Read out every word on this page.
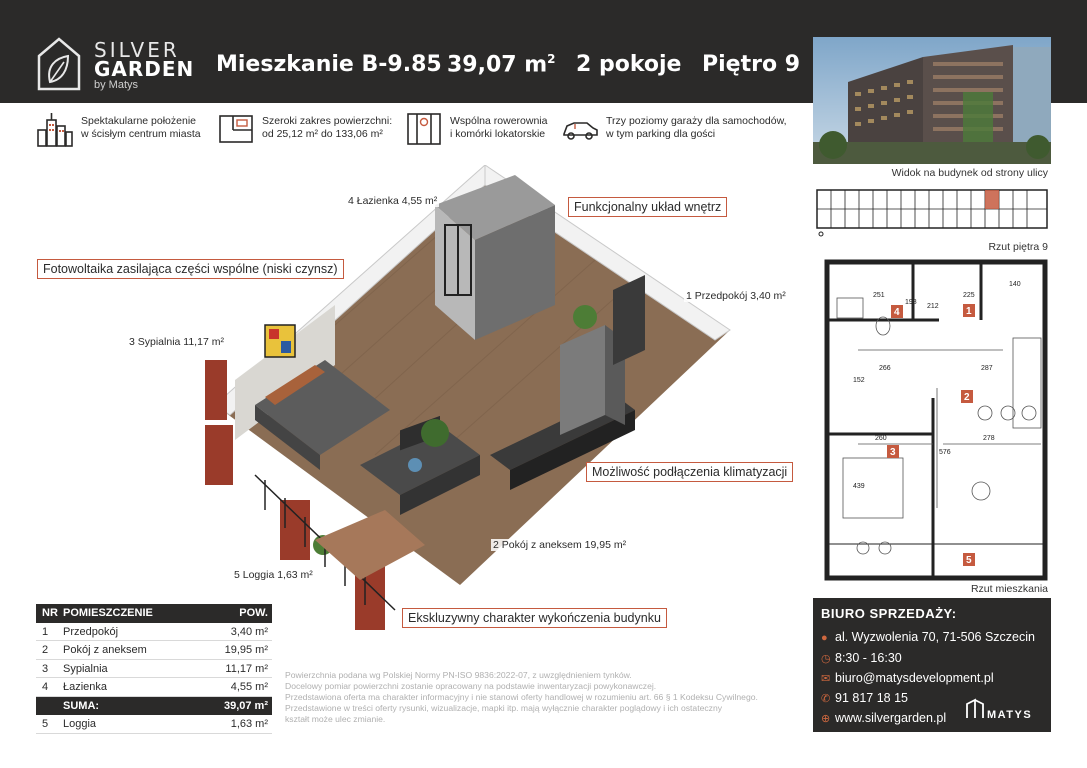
SILVER
GARDEN
by Matys
Mieszkanie B-9.85 39,07 $m^2$ 2 pokoje Piętro 9
Widok na budynek od strony ulicy
Spektakularne położenie
w ścisłym centrum miasta
Szeroki zakres powierzchni:
od 25,12 m² do 133,06 m²
Wspólna rowerownia
i komórki lokatorskie
Trzy poziomy garaży dla samochodów,
w tym parking dla gości
Rzut piętra 9
140
251	225
212
198
266	287
152
260	278
576
439
1
2
3
4
5
Rzut mieszkania
Funkcjonalny układ wnętrz
Fotowoltaika zasilająca części wspólne (niski czynsz)
Możliwość podłączenia klimatyzacji
Ekskluzywny charakter wykończenia budynku
4 Łazienka 4,55 m²
1 Przedpokój 3,40 m²
3 Sypialnia 11,17 m²
2 Pokój z aneksem 19,95 m²
5 Loggia 1,63 m²
NR POMIESZCZENIE	POW.
1	Przedpokój	3,40 m²
2	Pokój z aneksem	19,95 m²
3	Sypialnia	11,17 m²
4	Łazienka	4,55 m²
SUMA:	39,07 m²
5	Loggia	1,63 m²
Powierzchnia podana wg Polskiej Normy PN-ISO 9836:2022-07, z uwzględnieniem tynków.
Docelowy pomiar powierzchni zostanie opracowany na podstawie inwentaryzacji powykonawczej.
Przedstawiona oferta ma charakter informacyjny i nie stanowi oferty handlowej w rozumieniu art. 66 § 1 Kodeksu Cywilnego.
Przedstawione w treści oferty rysunki, wizualizacje, mapki itp. mają wyłącznie charakter poglądowy i ich ostateczny
kształt może ulec zmianie.
BIURO SPRZEDAŻY:
● al. Wyzwolenia 70, 71-506 Szczecin
◷ 8:30 - 16:30
✉ biuro@matysdevelopment.pl
✆ 91 817 18 15
⊕ www.silvergarden.pl	MATYS
